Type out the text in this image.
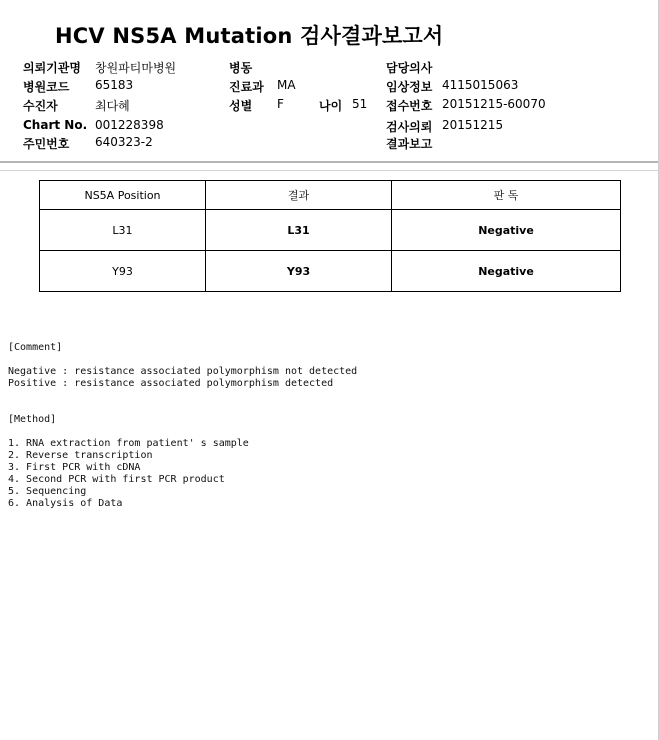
HCV NS5A Mutation 검사결과보고서
의뢰기관명 창원파티마병원	병동	담당의사
병원코드 65183	진료과 MA	임상정보 4115015063
수진자	최다혜	성별 F	나이 51 접수번호 20151215-60070
Chart No. 001228398	검사의뢰 20151215
주민번호 640323-2	결과보고
NS5A Position	결과	판 독
L31	L31	Negative
Y93	Y93	Negative
[Comment]
Negative : resistance associated polymorphism not detected
Positive : resistance associated polymorphism detected
[Method]
1. RNA extraction from patient' s sample
2. Reverse transcription
3. First PCR with cDNA
4. Second PCR with first PCR product
5. Sequencing
6. Analysis of Data
